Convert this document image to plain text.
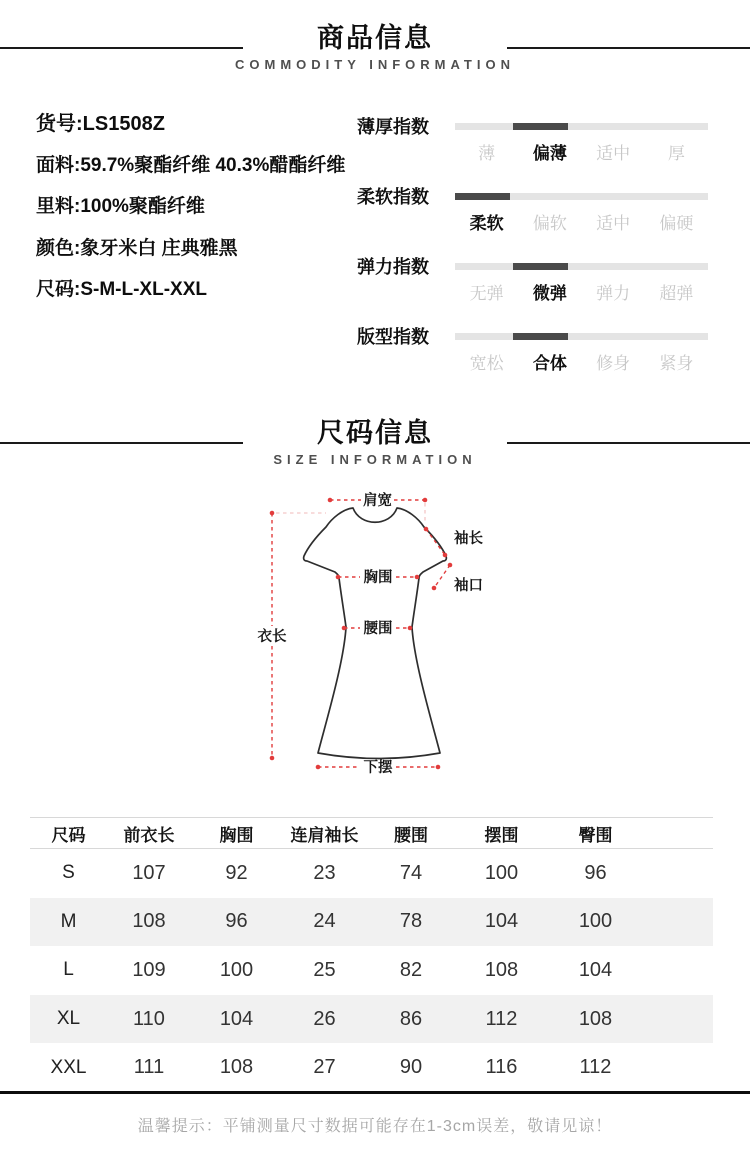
商品信息
COMMODITY INFORMATION
货号:LS1508Z
面料:59.7%聚酯纤维 40.3%醋酯纤维
里料:100%聚酯纤维
颜色:象牙米白 庄典雅黑
尺码:S-M-L-XL-XXL
薄厚指数
薄	偏薄	适中	厚
柔软指数
柔软	偏软	适中	偏硬
弹力指数
无弹	微弹	弹力	超弹
版型指数
宽松	合体	修身	紧身
尺码信息
SIZE INFORMATION
肩宽
胸围
腰围
衣长
袖长
袖口
下摆
尺码	前衣长	胸围	连肩袖长	腰围	摆围	臀围
S	107	92	23	74	100	96
M	108	96	24	78	104	100
L	109	100	25	82	108	104
XL	110	104	26	86	112	108
XXL	111	108	27	90	116	112
温馨提示：平铺测量尺寸数据可能存在1-3cm误差，敬请见谅！
